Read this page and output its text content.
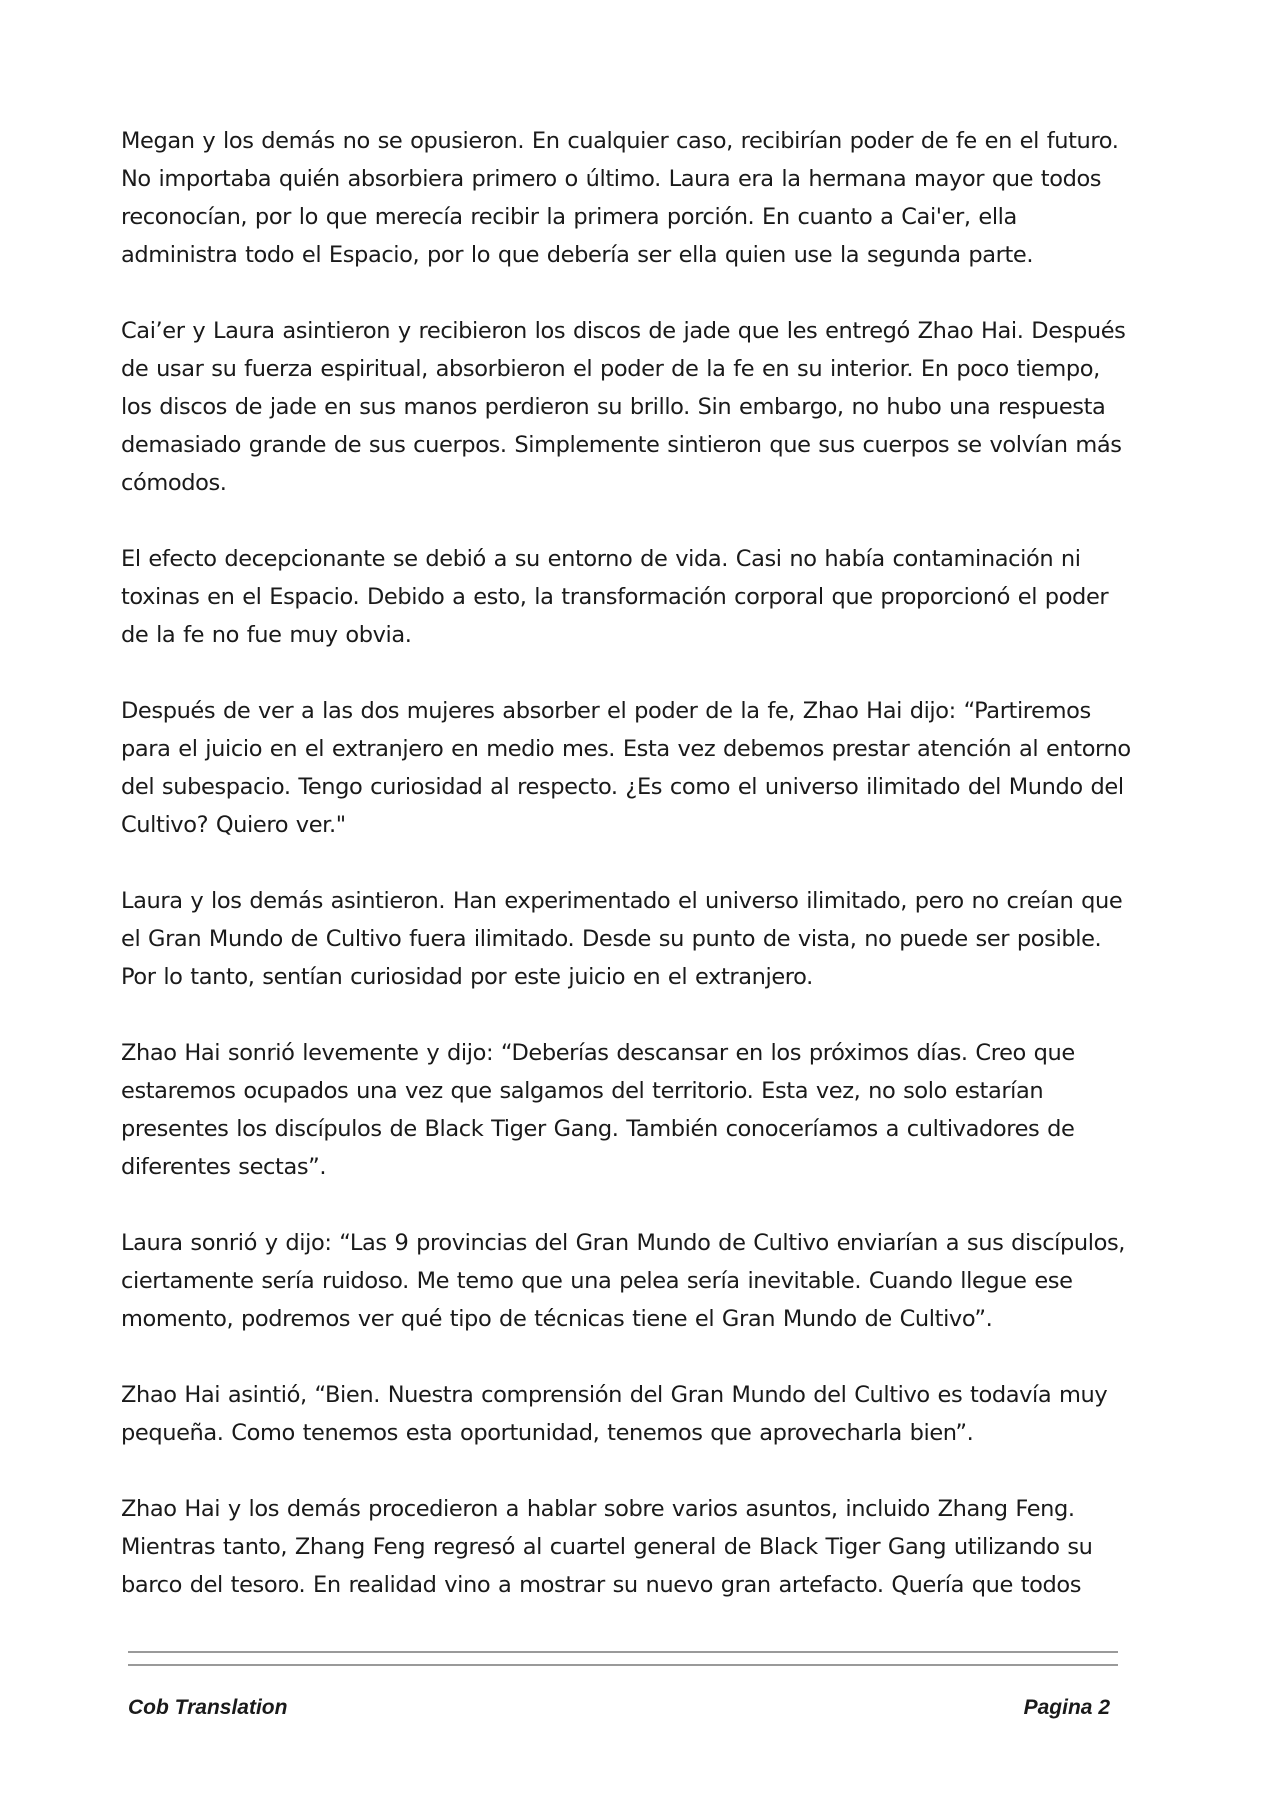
Megan y los demás no se opusieron. En cualquier caso, recibirían poder de fe en el futuro. No importaba quién absorbiera primero o último. Laura era la hermana mayor que todos reconocían, por lo que merecía recibir la primera porción. En cuanto a Cai'er, ella administra todo el Espacio, por lo que debería ser ella quien use la segunda parte.

Cai’er y Laura asintieron y recibieron los discos de jade que les entregó Zhao Hai. Después de usar su fuerza espiritual, absorbieron el poder de la fe en su interior. En poco tiempo, los discos de jade en sus manos perdieron su brillo. Sin embargo, no hubo una respuesta demasiado grande de sus cuerpos. Simplemente sintieron que sus cuerpos se volvían más cómodos.

El efecto decepcionante se debió a su entorno de vida. Casi no había contaminación ni toxinas en el Espacio. Debido a esto, la transformación corporal que proporcionó el poder de la fe no fue muy obvia.

Después de ver a las dos mujeres absorber el poder de la fe, Zhao Hai dijo: “Partiremos para el juicio en el extranjero en medio mes. Esta vez debemos prestar atención al entorno del subespacio. Tengo curiosidad al respecto. ¿Es como el universo ilimitado del Mundo del Cultivo? Quiero ver."

Laura y los demás asintieron. Han experimentado el universo ilimitado, pero no creían que el Gran Mundo de Cultivo fuera ilimitado. Desde su punto de vista, no puede ser posible. Por lo tanto, sentían curiosidad por este juicio en el extranjero.

Zhao Hai sonrió levemente y dijo: “Deberías descansar en los próximos días. Creo que estaremos ocupados una vez que salgamos del territorio. Esta vez, no solo estarían presentes los discípulos de Black Tiger Gang. También conoceríamos a cultivadores de diferentes sectas”.

Laura sonrió y dijo: “Las 9 provincias del Gran Mundo de Cultivo enviarían a sus discípulos, ciertamente sería ruidoso. Me temo que una pelea sería inevitable. Cuando llegue ese momento, podremos ver qué tipo de técnicas tiene el Gran Mundo de Cultivo”.

Zhao Hai asintió, “Bien. Nuestra comprensión del Gran Mundo del Cultivo es todavía muy pequeña. Como tenemos esta oportunidad, tenemos que aprovecharla bien”.

Zhao Hai y los demás procedieron a hablar sobre varios asuntos, incluido Zhang Feng. Mientras tanto, Zhang Feng regresó al cuartel general de Black Tiger Gang utilizando su barco del tesoro. En realidad vino a mostrar su nuevo gran artefacto. Quería que todos

Cob Translation	Pagina 2
